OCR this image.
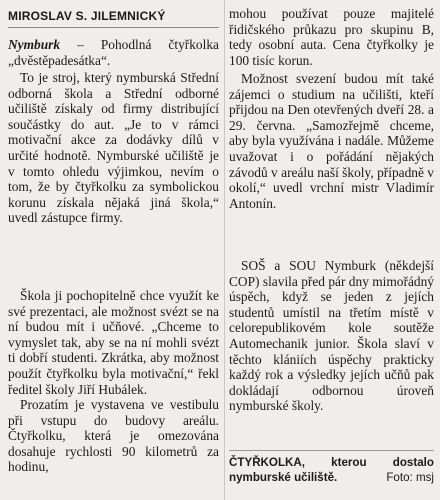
MIROSLAV S. JILEMNICKÝ

Nymburk – Pohodlná čtyřkolka „dvěstěpadesátka“.

To je stroj, který nymburská Střední odborná škola a Střední odborné učiliště získaly od firmy distribující součástky do aut. „Je to v rámci motivační akce za dodávky dílů v určité hodnotě. Nymburské učiliště je v tomto ohledu výjimkou, nevím o tom, že by čtyřkolku za symbolickou korunu získala nějaká jiná škola,“ uvedl zástupce firmy.

Škola ji pochopitelně chce využít ke své prezentaci, ale možnost svézt se na ní budou mít i učňové. „Chceme to vymyslet tak, aby se na ní mohli svézt ti dobří studenti. Zkrátka, aby možnost použít čtyřkolku byla motivační,“ řekl ředitel školy Jiří Hubálek.

Prozatím je vystavena ve vestibulu při vstupu do budovy areálu. Čtyřkolku, která je omezována dosahuje rychlosti 90 kilometrů za hodinu,

mohou používat pouze majitelé řidičského průkazu pro skupinu B, tedy osobní auta. Cena čtyřkolky je 100 tisíc korun.

Možnost svezení budou mít také zájemci o studium na učilišti, kteří přijdou na Den otevřených dveří 28. a 29. června. „Samozřejmě chceme, aby byla využívána i nadále. Můžeme uvažovat i o pořádání nějakých závodů v areálu naší školy, případně v okolí,“ uvedl vrchní mistr Vladimír Antonín.

SOŠ a SOU Nymburk (někdejší COP) slavila před pár dny mimořádný úspěch, když se jeden z jejích studentů umístil na třetím místě v celorepublikovém kole soutěže Automechanik junior. Škola slaví v těchto klániích úspěchy prakticky každý rok a výsledky jejích učňů pak dokládají odbornou úroveň nymburské školy.

ČTYŘKOLKA, kterou dostalo nymburské učiliště.	Foto: msj
